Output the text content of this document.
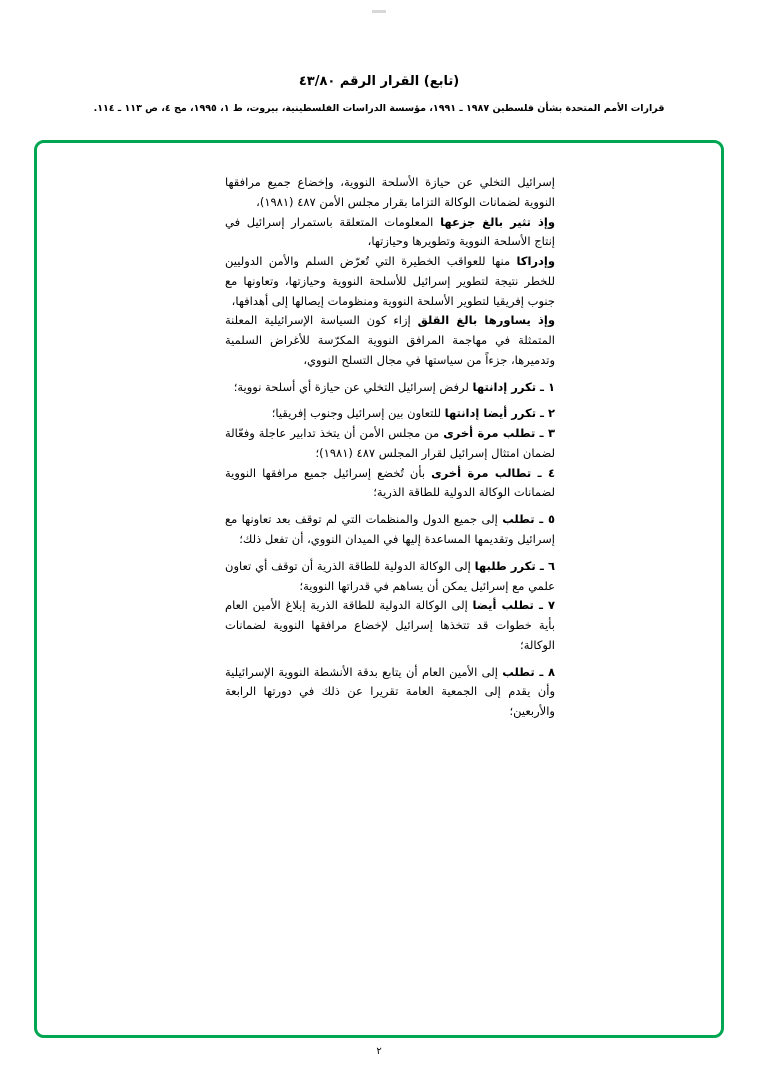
(تابع) القرار الرقم ٤٣/٨٠
قرارات الأمم المتحدة بشأن فلسطين ١٩٨٧ ـ ١٩٩١، مؤسسة الدراسات الفلسطينية، بيروت، ط ١، ١٩٩٥، مج ٤، ص ١١٣ ـ ١١٤.

إسرائيل التخلي عن حيازة الأسلحة النووية، وإخضاع جميع مرافقها النووية لضمانات الوكالة التزاما بقرار مجلس الأمن ٤٨٧ (١٩٨١)،

وإذ تثير بالغ جزعها المعلومات المتعلقة باستمرار إسرائيل في إنتاج الأسلحة النووية وتطويرها وحيازتها،

وإدراكا منها للعواقب الخطيرة التي تُعرّض السلم والأمن الدوليين للخطر نتيجة لتطوير إسرائيل للأسلحة النووية وحيازتها، وتعاونها مع جنوب إفريقيا لتطوير الأسلحة النووية ومنظومات إيصالها إلى أهدافها،

وإذ يساورها بالغ القلق إزاء كون السياسة الإسرائيلية المعلنة المتمثلة في مهاجمة المرافق النووية المكرّسة للأغراض السلمية وتدميرها، جزءاً من سياستها في مجال التسلح النووي،

١ ـ تكرر إدانتها لرفض إسرائيل التخلي عن حيازة أي أسلحة نووية؛

٢ ـ تكرر أيضا إدانتها للتعاون بين إسرائيل وجنوب إفريقيا؛

٣ ـ تطلب مرة أخرى من مجلس الأمن أن يتخذ تدابير عاجلة وفعّالة لضمان امتثال إسرائيل لقرار المجلس ٤٨٧ (١٩٨١)؛

٤ ـ تطالب مرة أخرى بأن تُخضع إسرائيل جميع مرافقها النووية لضمانات الوكالة الدولية للطاقة الذرية؛

٥ ـ تطلب إلى جميع الدول والمنظمات التي لم توقف بعد تعاونها مع إسرائيل وتقديمها المساعدة إليها في الميدان النووي، أن تفعل ذلك؛

٦ ـ تكرر طلبها إلى الوكالة الدولية للطاقة الذرية أن توقف أي تعاون علمي مع إسرائيل يمكن أن يساهم في قدراتها النووية؛

٧ ـ تطلب أيضا إلى الوكالة الدولية للطاقة الذرية إبلاغ الأمين العام بأية خطوات قد تتخذها إسرائيل لإخضاع مرافقها النووية لضمانات الوكالة؛

٨ ـ تطلب إلى الأمين العام أن يتابع بدقة الأنشطة النووية الإسرائيلية وأن يقدم إلى الجمعية العامة تقريرا عن ذلك في دورتها الرابعة والأربعين؛

٢
